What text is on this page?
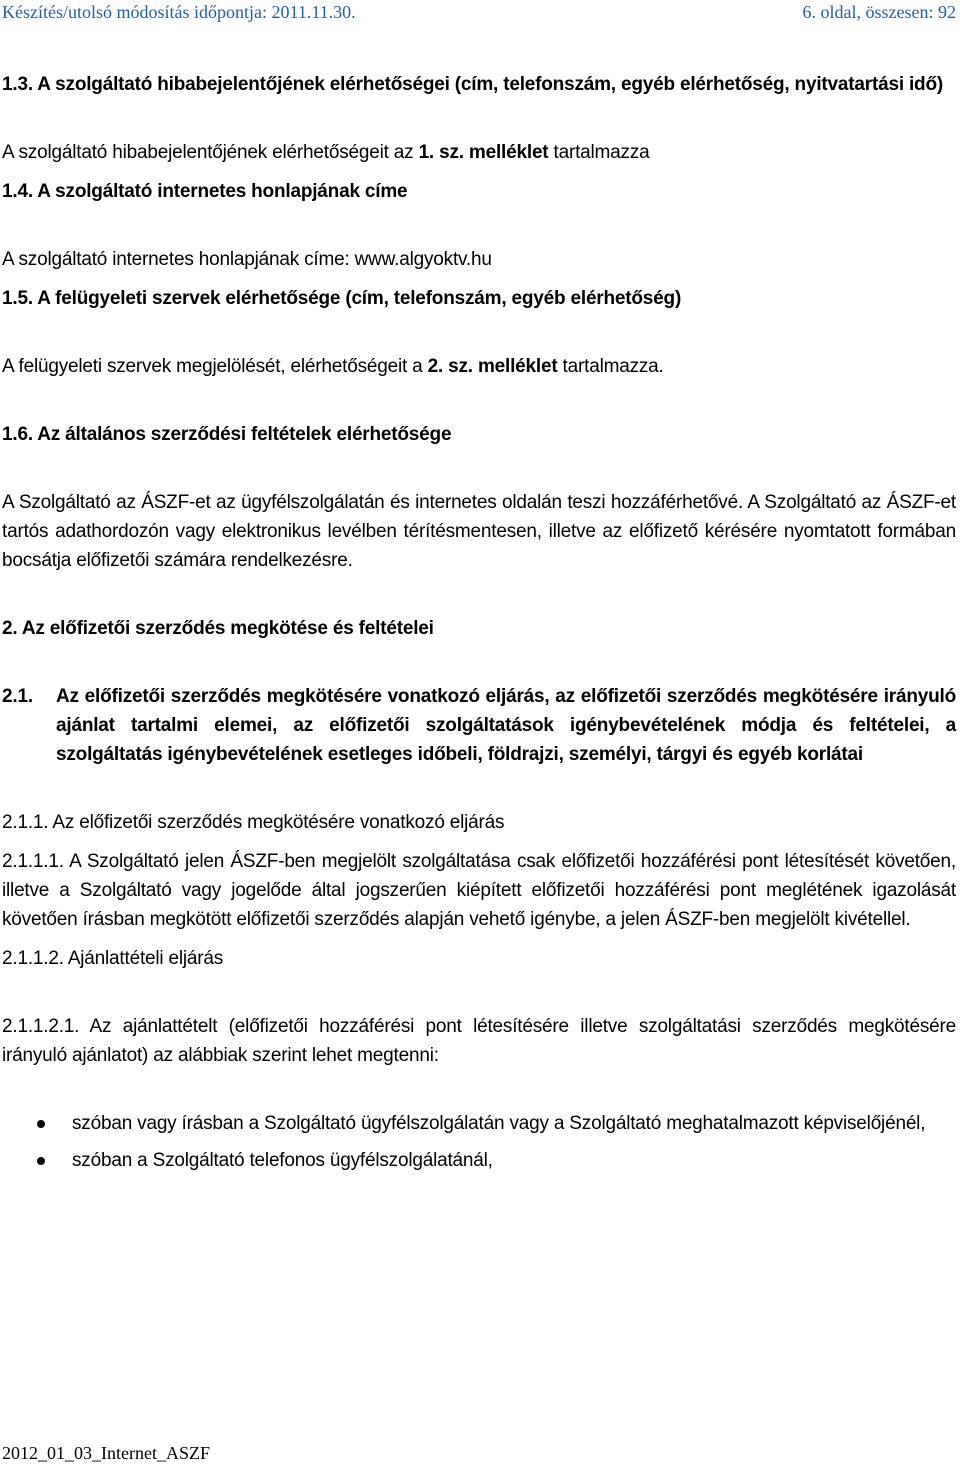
Készítés/utolsó módosítás időpontja: 2011.11.30.	6. oldal, összesen: 92

1.3. A szolgáltató hibabejelentőjének elérhetőségei (cím, telefonszám, egyéb elérhetőség, nyitvatartási idő)

A szolgáltató hibabejelentőjének elérhetőségeit az 1. sz. melléklet tartalmazza

1.4. A szolgáltató internetes honlapjának címe

A szolgáltató internetes honlapjának címe: www.algyoktv.hu

1.5. A felügyeleti szervek elérhetősége (cím, telefonszám, egyéb elérhetőség)

A felügyeleti szervek megjelölését, elérhetőségeit a 2. sz. melléklet tartalmazza.

1.6. Az általános szerződési feltételek elérhetősége

A Szolgáltató az ÁSZF-et az ügyfélszolgálatán és internetes oldalán teszi hozzáférhetővé. A Szolgáltató az ÁSZF-et tartós adathordozón vagy elektronikus levélben térítésmentesen, illetve az előfizető kérésére nyomtatott formában bocsátja előfizetői számára rendelkezésre.

2. Az előfizetői szerződés megkötése és feltételei

2.1.	Az előfizetői szerződés megkötésére vonatkozó eljárás, az előfizetői szerződés megkötésére irányuló ajánlat tartalmi elemei, az előfizetői szolgáltatások igénybevételének módja és feltételei, a szolgáltatás igénybevételének esetleges időbeli, földrajzi, személyi, tárgyi és egyéb korlátai

2.1.1. Az előfizetői szerződés megkötésére vonatkozó eljárás

2.1.1.1. A Szolgáltató jelen ÁSZF-ben megjelölt szolgáltatása csak előfizetői hozzáférési pont létesítését követően, illetve a Szolgáltató vagy jogelőde által jogszerűen kiépített előfizetői hozzáférési pont meglétének igazolását követően írásban megkötött előfizetői szerződés alapján vehető igénybe, a jelen ÁSZF-ben megjelölt kivétellel.

2.1.1.2. Ajánlattételi eljárás

2.1.1.2.1. Az ajánlattételt (előfizetői hozzáférési pont létesítésére illetve szolgáltatási szerződés megkötésére irányuló ajánlatot) az alábbiak szerint lehet megtenni:

szóban vagy írásban a Szolgáltató ügyfélszolgálatán vagy a Szolgáltató meghatalmazott képviselőjénél,
szóban a Szolgáltató telefonos ügyfélszolgálatánál,
2012_01_03_Internet_ASZF
